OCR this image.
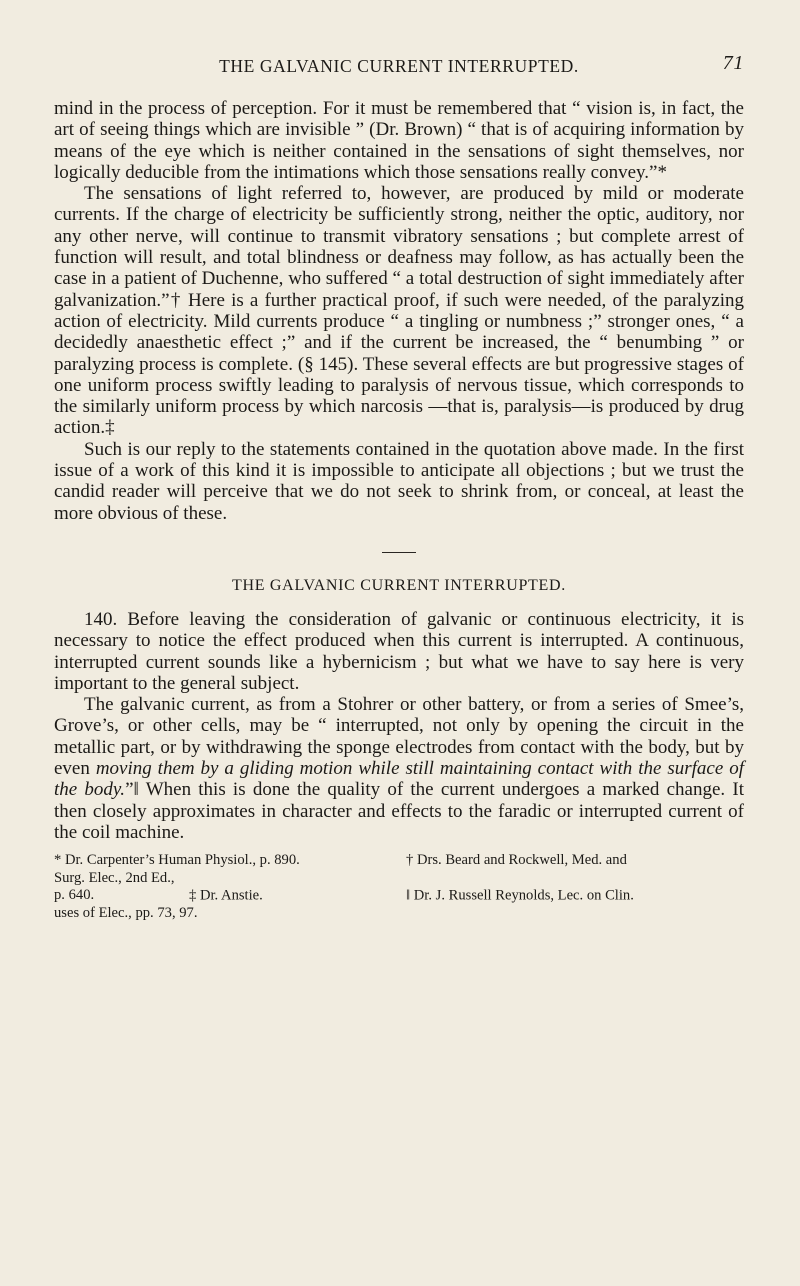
THE GALVANIC CURRENT INTERRUPTED.	71

mind in the process of perception. For it must be remembered that “ vision is, in fact, the art of seeing things which are invisible ” (Dr. Brown) “ that is of acquiring information by means of the eye which is neither contained in the sensations of sight themselves, nor logically deducible from the intimations which those sensations really convey.”*

The sensations of light referred to, however, are produced by mild or moderate currents. If the charge of electricity be sufficiently strong, neither the optic, auditory, nor any other nerve, will continue to transmit vibratory sensations ; but complete arrest of function will result, and total blindness or deafness may follow, as has actually been the case in a patient of Duchenne, who suffered “ a total destruction of sight immediately after galvanization.”† Here is a further practical proof, if such were needed, of the paralyzing action of electricity. Mild currents produce “ a tingling or numbness ;” stronger ones, “ a decidedly anaesthetic effect ;” and if the current be increased, the “ benumbing ” or paralyzing process is complete. (§ 145). These several effects are but progressive stages of one uniform process swiftly leading to paralysis of nervous tissue, which corresponds to the similarly uniform process by which narcosis —that is, paralysis—is produced by drug action.‡

Such is our reply to the statements contained in the quotation above made. In the first issue of a work of this kind it is impossible to anticipate all objections ; but we trust the candid reader will perceive that we do not seek to shrink from, or conceal, at least the more obvious of these.

THE GALVANIC CURRENT INTERRUPTED.

140. Before leaving the consideration of galvanic or continuous electricity, it is necessary to notice the effect produced when this current is interrupted. A continuous, interrupted current sounds like a hybernicism ; but what we have to say here is very important to the general subject.

The galvanic current, as from a Stohrer or other battery, or from a series of Smee’s, Grove’s, or other cells, may be “ interrupted, not only by opening the circuit in the metallic part, or by withdrawing the sponge electrodes from contact with the body, but by even moving them by a gliding motion while still maintaining contact with the surface of the body.”‖ When this is done the quality of the current undergoes a marked change. It then closely approximates in character and effects to the faradic or interrupted current of the coil machine.

* Dr. Carpenter’s Human Physiol., p. 890.	† Drs. Beard and Rockwell, Med. and

Surg. Elec., 2nd Ed., p. 640.	‡ Dr. Anstie.	‖ Dr. J. Russell Reynolds, Lec. on Clin.

uses of Elec., pp. 73, 97.
